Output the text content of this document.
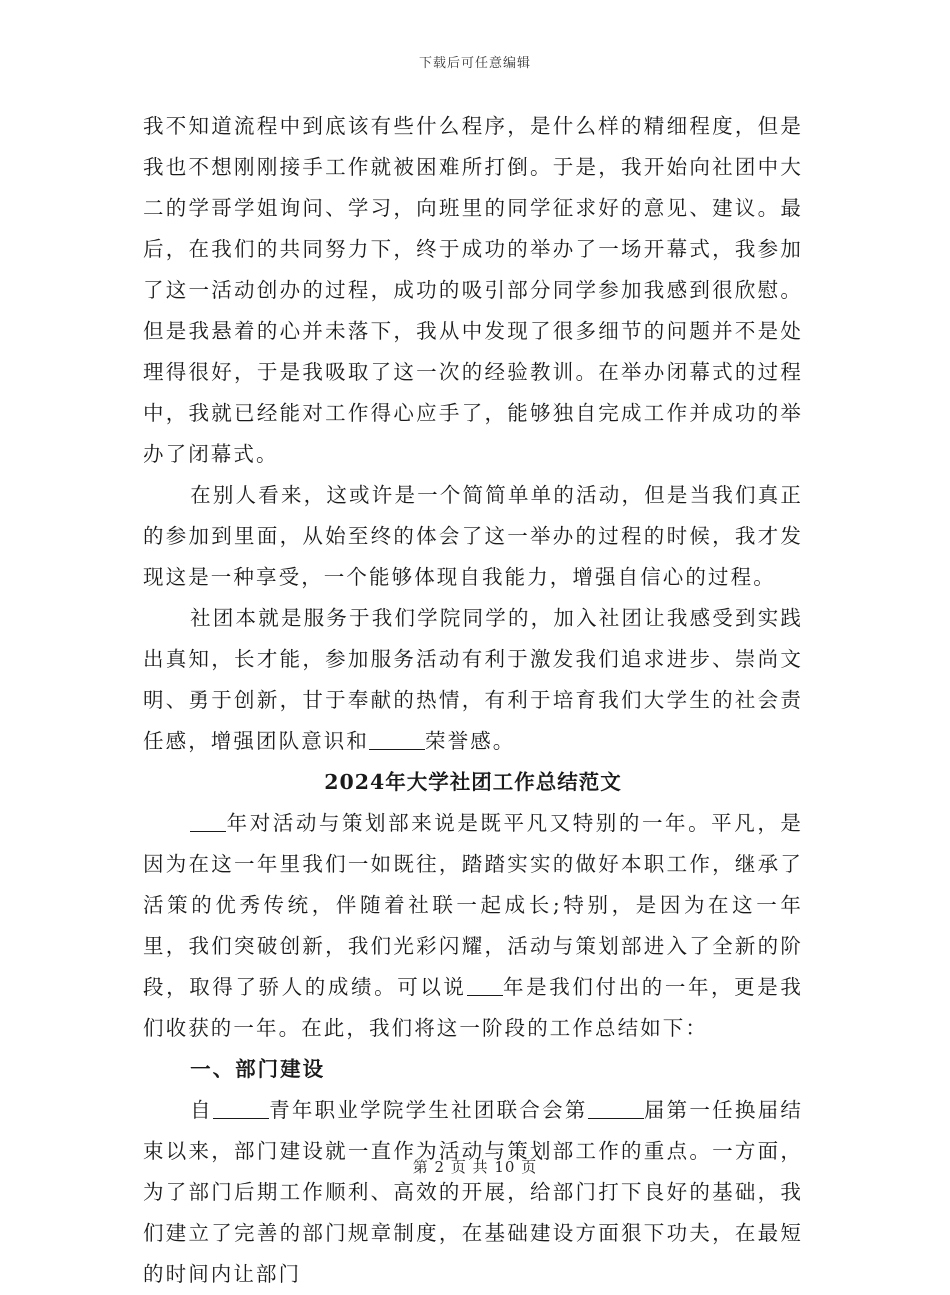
下载后可任意编辑

我不知道流程中到底该有些什么程序，是什么样的精细程度，但是我也不想刚刚接手工作就被困难所打倒。于是，我开始向社团中大二的学哥学姐询问、学习，向班里的同学征求好的意见、建议。最后，在我们的共同努力下，终于成功的举办了一场开幕式，我参加了这一活动创办的过程，成功的吸引部分同学参加我感到很欣慰。但是我悬着的心并未落下，我从中发现了很多细节的问题并不是处理得很好，于是我吸取了这一次的经验教训。在举办闭幕式的过程中，我就已经能对工作得心应手了，能够独自完成工作并成功的举办了闭幕式。

在别人看来，这或许是一个简简单单的活动，但是当我们真正的参加到里面，从始至终的体会了这一举办的过程的时候，我才发现这是一种享受，一个能够体现自我能力，增强自信心的过程。

社团本就是服务于我们学院同学的，加入社团让我感受到实践出真知，长才能，参加服务活动有利于激发我们追求进步、崇尚文明、勇于创新，甘于奉献的热情，有利于培育我们大学生的社会责任感，增强团队意识和	荣誉感。

2024年大学社团工作总结范文

年对活动与策划部来说是既平凡又特别的一年。平凡，是因为在这一年里我们一如既往，踏踏实实的做好本职工作，继承了活策的优秀传统，伴随着社联一起成长;特别，是因为在这一年里，我们突破创新，我们光彩闪耀，活动与策划部进入了全新的阶段，取得了骄人的成绩。可以说 年是我们付出的一年，更是我们收获的一年。在此，我们将这一阶段的工作总结如下：

一、部门建设

自	青年职业学院学生社团联合会第	届第一任换届结束以来，部门建设就一直作为活动与策划部工作的重点。一方面，为了部门后期工作顺利、高效的开展，给部门打下良好的基础，我们建立了完善的部门规章制度，在基础建设方面狠下功夫，在最短的时间内让部门

第 2 页 共 10 页
